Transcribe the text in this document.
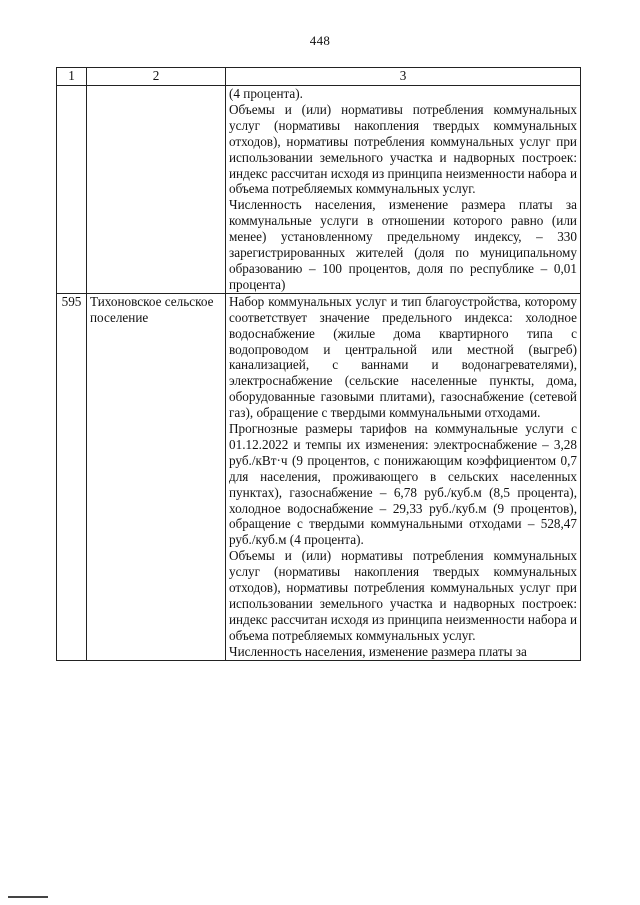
448
1	2	3

		(4 процента).

Объемы и (или) нормативы потребления коммунальных услуг (нормативы накопления твердых коммунальных отходов), нормативы потребления коммунальных услуг при использовании земельного участка и надворных построек: индекс рассчитан исходя из принципа неизменности набора и объема потребляемых коммунальных услуг.

Численность населения, изменение размера платы за коммунальные услуги в отношении которого равно (или менее) установленному предельному индексу, – 330 зарегистрированных жителей (доля по муниципальному образованию – 100 процентов, доля по республике – 0,01 процента)

595	Тихоновское сельское поселение	Набор коммунальных услуг и тип благоустройства, которому соответствует значение предельного индекса: холодное водоснабжение (жилые дома квартирного типа с водопроводом и центральной или местной (выгреб) канализацией, с ваннами и водонагревателями), электроснабжение (сельские населенные пункты, дома, оборудованные газовыми плитами), газоснабжение (сетевой газ), обращение с твердыми коммунальными отходами.

Прогнозные размеры тарифов на коммунальные услуги с 01.12.2022 и темпы их изменения: электроснабжение – 3,28 руб./кВт·ч (9 процентов, с понижающим коэффициентом 0,7 для населения, проживающего в сельских населенных пунктах), газоснабжение – 6,78 руб./куб.м (8,5 процента), холодное водоснабжение – 29,33 руб./куб.м (9 процентов), обращение с твердыми коммунальными отходами – 528,47 руб./куб.м (4 процента).

Объемы и (или) нормативы потребления коммунальных услуг (нормативы накопления твердых коммунальных отходов), нормативы потребления коммунальных услуг при использовании земельного участка и надворных построек: индекс рассчитан исходя из принципа неизменности набора и объема потребляемых коммунальных услуг.

Численность населения, изменение размера платы за
